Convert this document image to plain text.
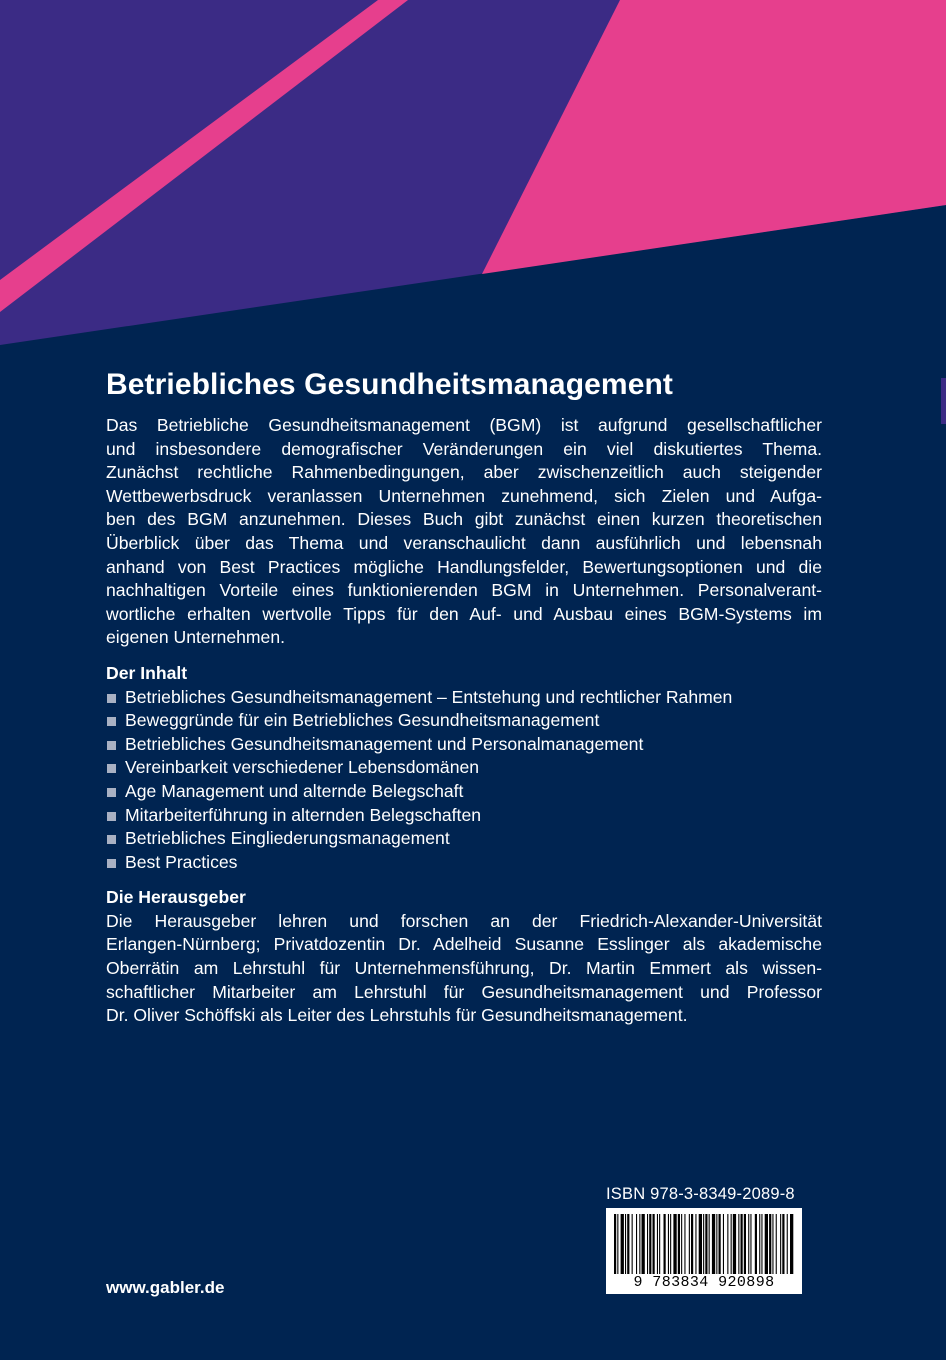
Betriebliches Gesundheitsmanagement

Das Betriebliche Gesundheitsmanagement (BGM) ist aufgrund gesellschaftlicher
und insbesondere demografischer Veränderungen ein viel diskutiertes Thema.
Zunächst rechtliche Rahmenbedingungen, aber zwischenzeitlich auch steigender
Wettbewerbsdruck veranlassen Unternehmen zunehmend, sich Zielen und Aufga-
ben des BGM anzunehmen. Dieses Buch gibt zunächst einen kurzen theoretischen
Überblick über das Thema und veranschaulicht dann ausführlich und lebensnah
anhand von Best Practices mögliche Handlungsfelder, Bewertungsoptionen und die
nachhaltigen Vorteile eines funktionierenden BGM in Unternehmen. Personalverant-
wortliche erhalten wertvolle Tipps für den Auf- und Ausbau eines BGM-Systems im
eigenen Unternehmen.

Der Inhalt
Betriebliches Gesundheitsmanagement – Entstehung und rechtlicher Rahmen
Beweggründe für ein Betriebliches Gesundheitsmanagement
Betriebliches Gesundheitsmanagement und Personalmanagement
Vereinbarkeit verschiedener Lebensdomänen
Age Management und alternde Belegschaft
Mitarbeiterführung in alternden Belegschaften
Betriebliches Eingliederungsmanagement
Best Practices
Die Herausgeber

Die Herausgeber lehren und forschen an der Friedrich-Alexander-Universität
Erlangen-Nürnberg; Privatdozentin Dr. Adelheid Susanne Esslinger als akademische
Oberrätin am Lehrstuhl für Unternehmensführung, Dr. Martin Emmert als wissen-
schaftlicher Mitarbeiter am Lehrstuhl für Gesundheitsmanagement und Professor
Dr. Oliver Schöffski als Leiter des Lehrstuhls für Gesundheitsmanagement.

ISBN 978-3-8349-2089-8
9 783834 920898
www.gabler.de
